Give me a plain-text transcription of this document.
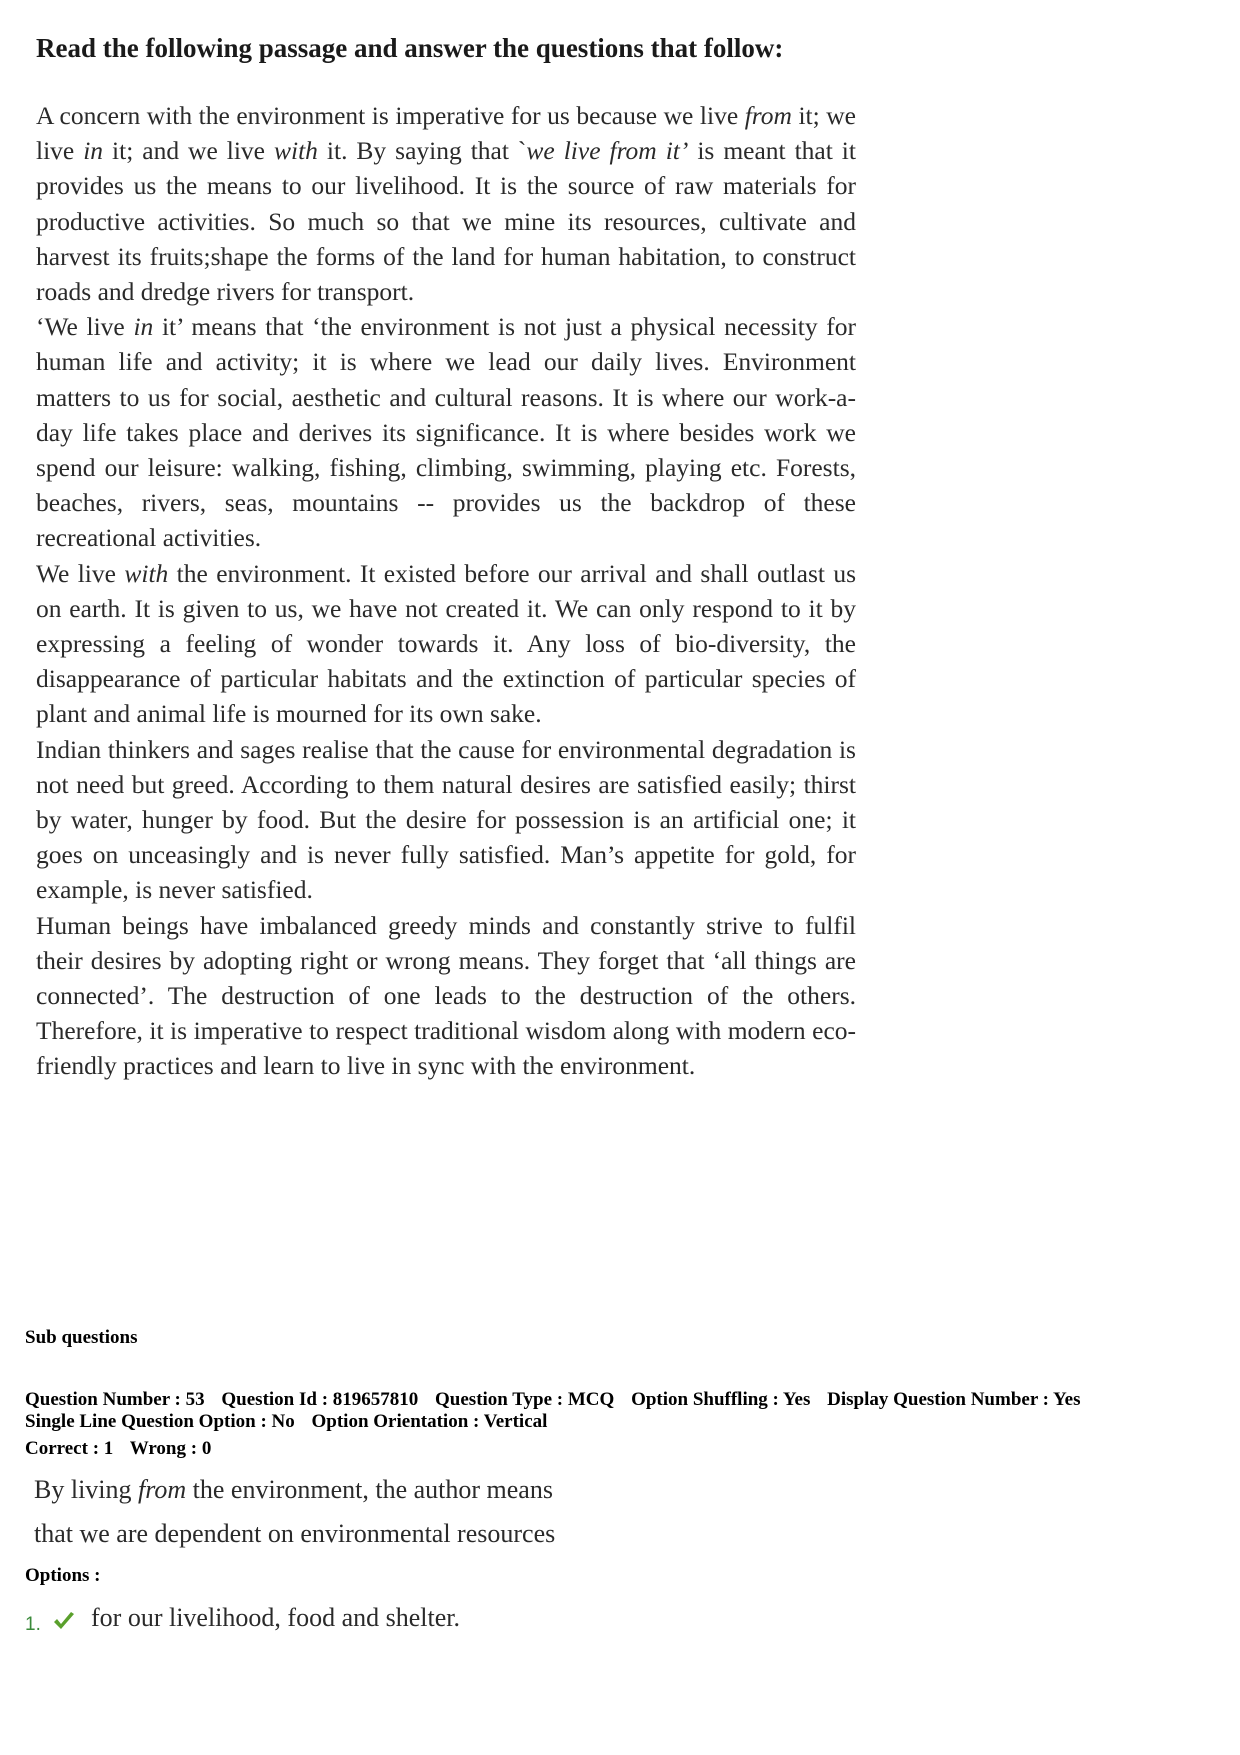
Read the following passage and answer the questions that follow:

A concern with the environment is imperative for us because we live from it; we live in it; and we live with it. By saying that `we live from it’ is meant that it provides us the means to our livelihood. It is the source of raw materials for productive activities. So much so that we mine its resources, cultivate and harvest its fruits;shape the forms of the land for human habitation, to construct roads and dredge rivers for transport.

‘We live in it’ means that ‘the environment is not just a physical necessity for human life and activity; it is where we lead our daily lives. Environment matters to us for social, aesthetic and cultural reasons. It is where our work-a-day life takes place and derives its significance. It is where besides work we spend our leisure: walking, fishing, climbing, swimming, playing etc. Forests, beaches, rivers, seas, mountains -- provides us the backdrop of these recreational activities.

We live with the environment. It existed before our arrival and shall outlast us on earth. It is given to us, we have not created it. We can only respond to it by expressing a feeling of wonder towards it. Any loss of bio-diversity, the disappearance of particular habitats and the extinction of particular species of plant and animal life is mourned for its own sake.

Indian thinkers and sages realise that the cause for environmental degradation is not need but greed. According to them natural desires are satisfied easily; thirst by water, hunger by food. But the desire for possession is an artificial one; it goes on unceasingly and is never fully satisfied. Man’s appetite for gold, for example, is never satisfied.

Human beings have imbalanced greedy minds and constantly strive to fulfil their desires by adopting right or wrong means. They forget that ‘all things are connected’. The destruction of one leads to the destruction of the others. Therefore, it is imperative to respect traditional wisdom along with modern eco-friendly practices and learn to live in sync with the environment.

Sub questions
Question Number : 53 Question Id : 819657810 Question Type : MCQ Option Shuffling : Yes Display Question Number : Yes
Single Line Question Option : No Option Orientation : Vertical
Correct : 1 Wrong : 0
By living from the environment, the author means
that we are dependent on environmental resources
Options :
1.	for our livelihood, food and shelter.
